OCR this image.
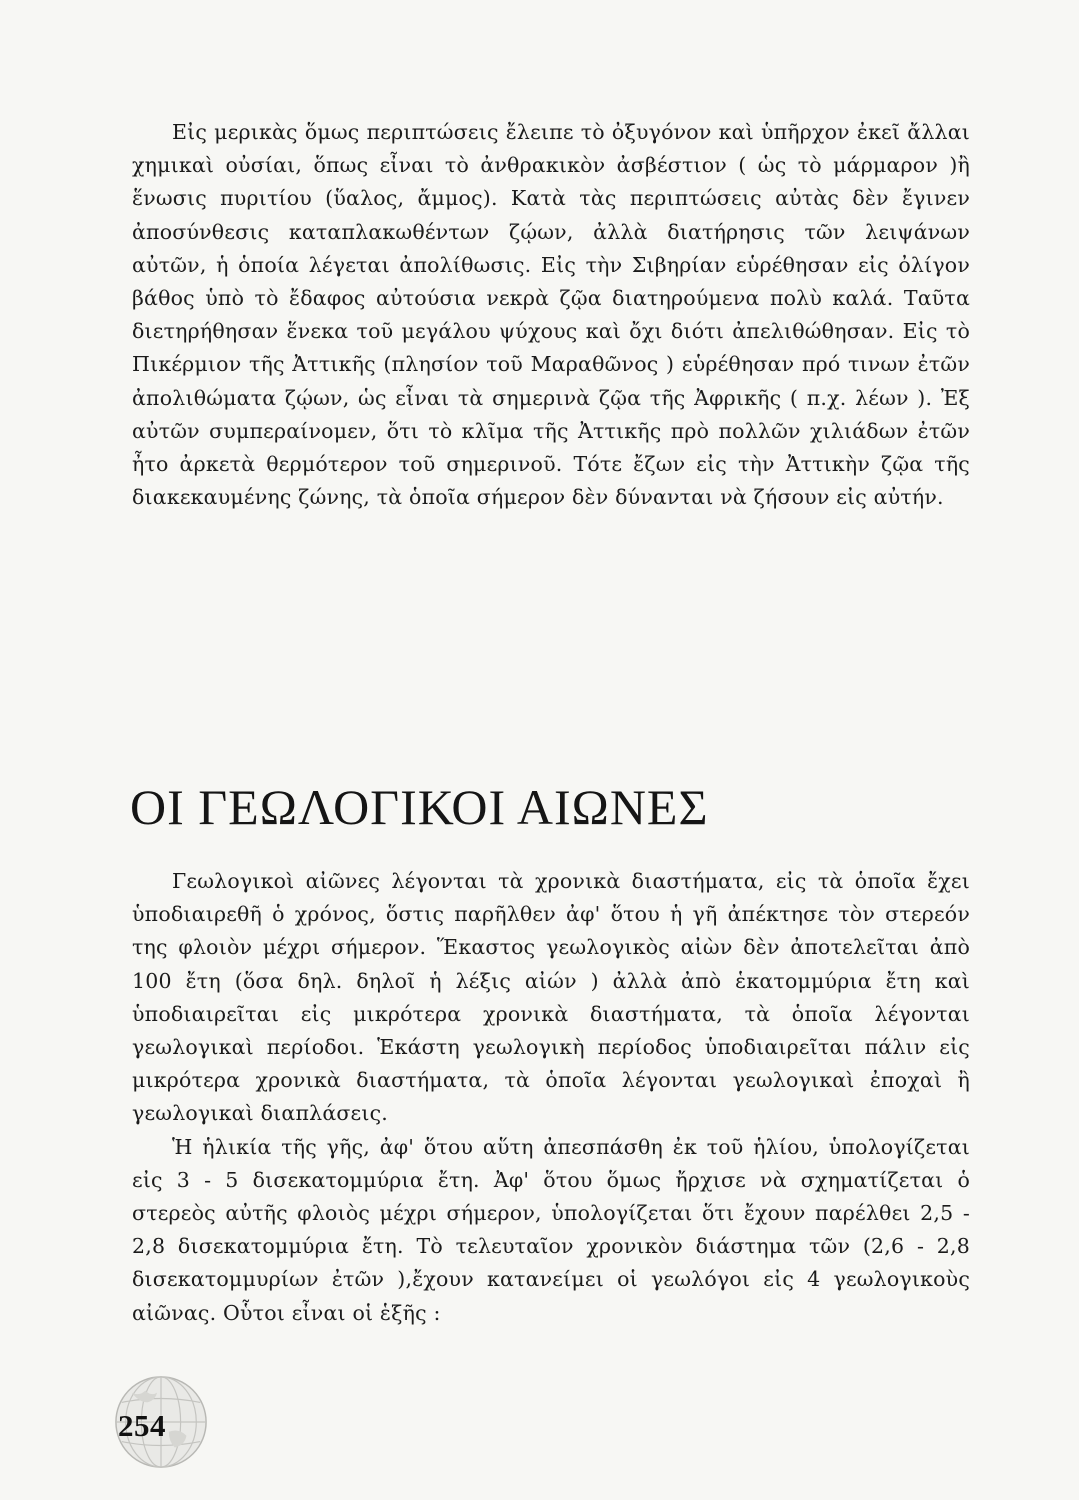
Εἰς μερικὰς ὅμως περιπτώσεις ἔλειπε τὸ ὀξυγόνον καὶ ὑπῆρχον ἐκεῖ ἄλλαι χημικαὶ οὐσίαι, ὅπως εἶναι τὸ ἀνθρακικὸν ἀσβέστιον ( ὡς τὸ μάρμαρον )ἢ ἕνωσις πυριτίου (ὕαλος, ἄμμος). Κατὰ τὰς περιπτώσεις αὐτὰς δὲν ἔγινεν ἀποσύνθεσις καταπλακωθέντων ζῴων, ἀλλὰ διατήρησις τῶν λειψάνων αὐτῶν, ἡ ὁποία λέγεται ἀπολίθωσις. Εἰς τὴν Σιβηρίαν εὑρέθησαν εἰς ὀλίγον βάθος ὑπὸ τὸ ἔδαφος αὐτούσια νεκρὰ ζῷα διατηρούμενα πολὺ καλά. Ταῦτα διετηρήθησαν ἕνεκα τοῦ μεγάλου ψύχους καὶ ὄχι διότι ἀπελιθώθησαν. Εἰς τὸ Πικέρμιον τῆς Ἀττικῆς (πλησίον τοῦ Μαραθῶνος ) εὑρέθησαν πρό τινων ἐτῶν ἀπολιθώματα ζῴων, ὡς εἶναι τὰ σημερινὰ ζῷα τῆς Ἀφρικῆς ( π.χ. λέων ). Ἐξ αὐτῶν συμπεραίνομεν, ὅτι τὸ κλῖμα τῆς Ἀττικῆς πρὸ πολλῶν χιλιάδων ἐτῶν ἦτο ἀρκετὰ θερμότερον τοῦ σημερινοῦ. Τότε ἔζων εἰς τὴν Ἀττικὴν ζῷα τῆς διακεκαυμένης ζώνης, τὰ ὁποῖα σήμερον δὲν δύνανται νὰ ζήσουν εἰς αὐτήν.

ΟΙ ΓΕΩΛΟΓΙΚΟΙ ΑΙΩΝΕΣ

Γεωλογικοὶ αἰῶνες λέγονται τὰ χρονικὰ διαστήματα, εἰς τὰ ὁποῖα ἔχει ὑποδιαιρεθῆ ὁ χρόνος, ὅστις παρῆλθεν ἀφ' ὅτου ἡ γῆ ἀπέκτησε τὸν στερεόν της φλοιὸν μέχρι σήμερον. Ἕκαστος γεωλογικὸς αἰὼν δὲν ἀποτελεῖται ἀπὸ 100 ἔτη (ὅσα δηλ. δηλοῖ ἡ λέξις αἰών ) ἀλλὰ ἀπὸ ἑκατομμύρια ἔτη καὶ ὑποδιαιρεῖται εἰς μικρότερα χρονικὰ διαστήματα, τὰ ὁποῖα λέγονται γεωλογικαὶ περίοδοι. Ἑκάστη γεωλογικὴ περίοδος ὑποδιαιρεῖται πάλιν εἰς μικρότερα χρονικὰ διαστήματα, τὰ ὁποῖα λέγονται γεωλογικαὶ ἐποχαὶ ἢ γεωλογικαὶ διαπλάσεις.

Ἡ ἡλικία τῆς γῆς, ἀφ' ὅτου αὕτη ἀπεσπάσθη ἐκ τοῦ ἡλίου, ὑπολογίζεται εἰς 3 - 5 δισεκατομμύρια ἔτη. Ἀφ' ὅτου ὅμως ἤρχισε νὰ σχηματίζεται ὁ στερεὸς αὐτῆς φλοιὸς μέχρι σήμερον, ὑπολογίζεται ὅτι ἔχουν παρέλθει 2,5 - 2,8 δισεκατομμύρια ἔτη. Τὸ τελευταῖον χρονικὸν διάστημα τῶν (2,6 - 2,8 δισεκατομμυρίων ἐτῶν ),ἔχουν κατανείμει οἱ γεωλόγοι εἰς 4 γεωλογικοὺς αἰῶνας. Οὗτοι εἶναι οἱ ἑξῆς :

254
